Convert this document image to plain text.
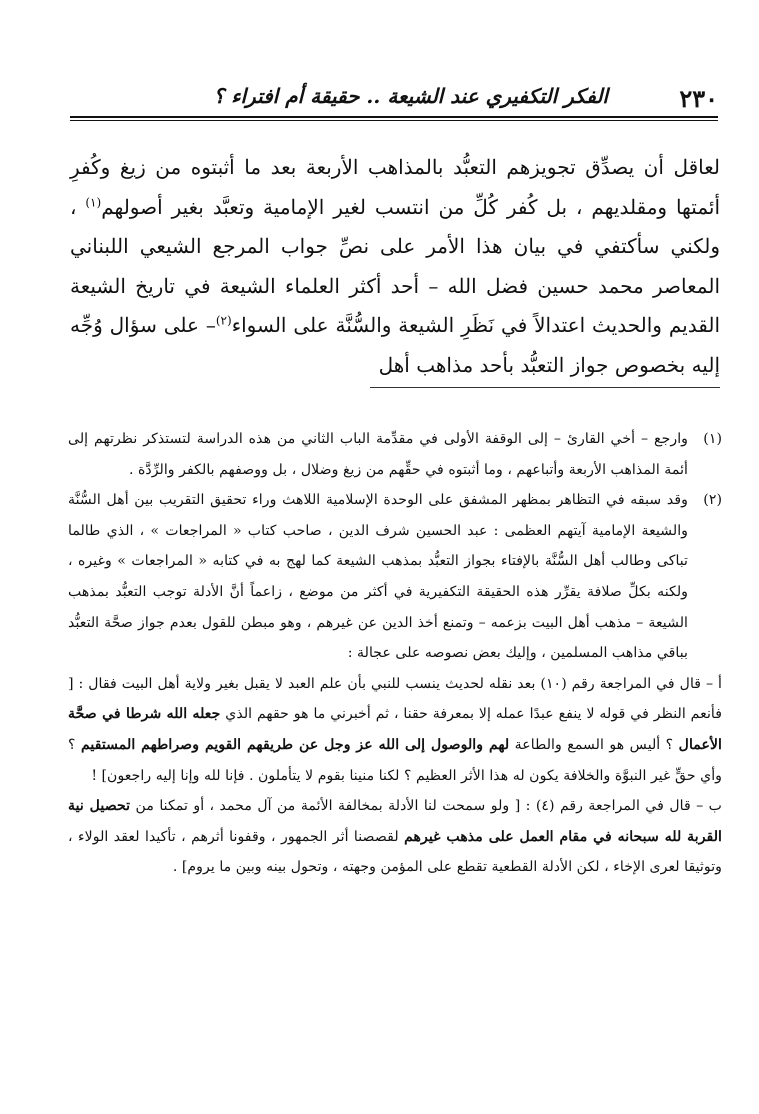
٢٣٠
الفكر التكفيري عند الشيعة .. حقيقة أم افتراء ؟

لعاقل أن يصدِّق تجويزهم التعبُّد بالمذاهب الأربعة بعد ما أثبتوه من زيغ وكُفرِ أئمتها ومقلديهم ، بل كُفر كُلِّ من انتسب لغير الإمامية وتعبَّد بغير أصولهم$^{(١)}$ ، ولكني سأكتفي في بيان هذا الأمر على نصِّ جواب المرجع الشيعي اللبناني المعاصر محمد حسين فضل الله – أحد أكثر العلماء الشيعة في تاريخ الشيعة القديم والحديث اعتدالاً في نَظَرِ الشيعة والسُّنَّة على السواء$^{(٢)}$– على سؤال وُجِّه إليه بخصوص جواز التعبُّد بأحد مذاهب أهل

(١)

وارجع – أخي القارئ – إلى الوقفة الأولى في مقدِّمة الباب الثاني من هذه الدراسة لتستذكر نظرتهم إلى أئمة المذاهب الأربعة وأتباعهم ، وما أثبتوه في حقِّهم من زيغ وضلال ، بل ووصفهم بالكفر والرِّدَّة .

(٢)

وقد سبقه في التظاهر بمظهر المشفق على الوحدة الإسلامية اللاهث وراء تحقيق التقريب بين أهل السُّنَّة والشيعة الإمامية آيتهم العظمى : عبد الحسين شرف الدين ، صاحب كتاب « المراجعات » ، الذي طالما تباكى وطالب أهل السُّنَّة بالإفتاء بجواز التعبُّد بمذهب الشيعة كما لهج به في كتابه « المراجعات » وغيره ، ولكنه بكلِّ صلافة يقرِّر هذه الحقيقة التكفيرية في أكثر من موضع ، زاعماً أنَّ الأدلة توجب التعبُّد بمذهب الشيعة – مذهب أهل البيت بزعمه – وتمنع أخذ الدين عن غيرهم ، وهو مبطن للقول بعدم جواز صحَّة التعبُّد بباقي مذاهب المسلمين ، وإليك بعض نصوصه على عجالة :

أ – قال في المراجعة رقم (١٠) بعد نقله لحديث ينسب للنبي بأن علم العبد لا يقبل بغير ولاية أهل البيت فقال : [ فأنعم النظر في قوله لا ينفع عبدًا عمله إلا بمعرفة حقنا ، ثم أخبرني ما هو حقهم الذي جعله الله شرطا في صحَّة الأعمال ؟ أليس هو السمع والطاعة لهم والوصول إلى الله عز وجل عن طريقهم القويم وصراطهم المستقيم ؟ وأي حقٍّ غير النبوَّة والخلافة يكون له هذا الأثر العظيم ؟ لكنا منينا بقوم لا يتأملون . فإنا لله وإنا إليه راجعون] !

ب – قال في المراجعة رقم (٤) : [ ولو سمحت لنا الأدلة بمخالفة الأئمة من آل محمد ، أو تمكنا من تحصيل نية القربة لله سبحانه في مقام العمل على مذهب غيرهم لقصصنا أثر الجمهور ، وقفونا أثرهم ، تأكيدا لعقد الولاء ، وتوثيقا لعرى الإخاء ، لكن الأدلة القطعية تقطع على المؤمن وجهته ، وتحول بينه وبين ما يروم] .
